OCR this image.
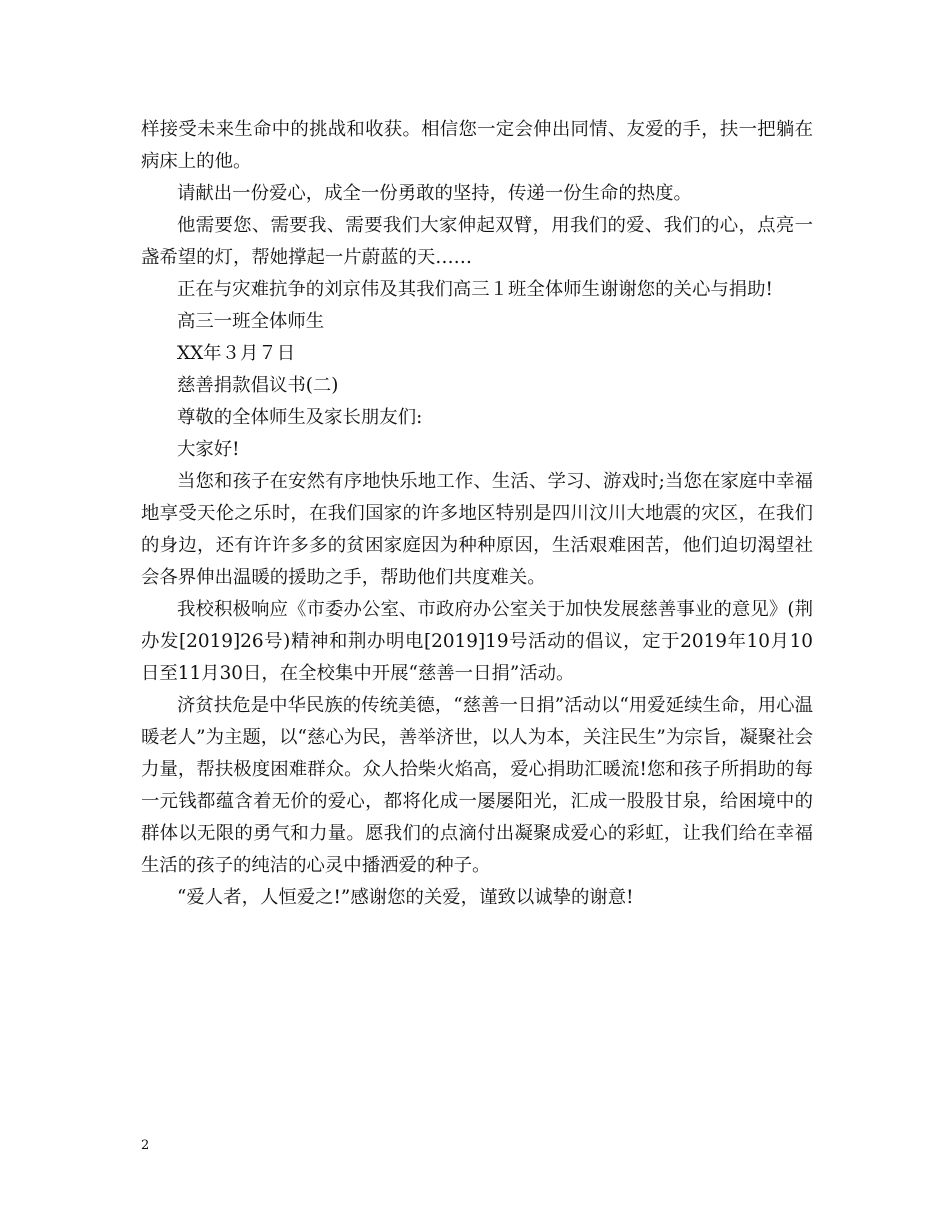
样接受未来生命中的挑战和收获。相信您一定会伸出同情、友爱的手，扶一把躺在病床上的他。

请献出一份爱心，成全一份勇敢的坚持，传递一份生命的热度。

他需要您、需要我、需要我们大家伸起双臂，用我们的爱、我们的心，点亮一盏希望的灯，帮她撑起一片蔚蓝的天……

正在与灾难抗争的刘京伟及其我们高三１班全体师生谢谢您的关心与捐助!

高三一班全体师生

XX年３月７日

慈善捐款倡议书(二)

尊敬的全体师生及家长朋友们:

大家好!

当您和孩子在安然有序地快乐地工作、生活、学习、游戏时;当您在家庭中幸福地享受天伦之乐时，在我们国家的许多地区特别是四川汶川大地震的灾区，在我们的身边，还有许许多多的贫困家庭因为种种原因，生活艰难困苦，他们迫切渴望社会各界伸出温暖的援助之手，帮助他们共度难关。

我校积极响应《市委办公室、市政府办公室关于加快发展慈善事业的意见》(荆办发[2019]26号)精神和荆办明电[2019]19号活动的倡议，定于2019年10月10日至11月30日，在全校集中开展“慈善一日捐”活动。

济贫扶危是中华民族的传统美德，“慈善一日捐”活动以“用爱延续生命，用心温暖老人”为主题，以“慈心为民，善举济世，以人为本，关注民生”为宗旨，凝聚社会力量，帮扶极度困难群众。众人拾柴火焰高，爱心捐助汇暖流!您和孩子所捐助的每一元钱都蕴含着无价的爱心，都将化成一屡屡阳光，汇成一股股甘泉，给困境中的群体以无限的勇气和力量。愿我们的点滴付出凝聚成爱心的彩虹，让我们给在幸福生活的孩子的纯洁的心灵中播洒爱的种子。

“爱人者，人恒爱之!”感谢您的关爱，谨致以诚挚的谢意!

2
